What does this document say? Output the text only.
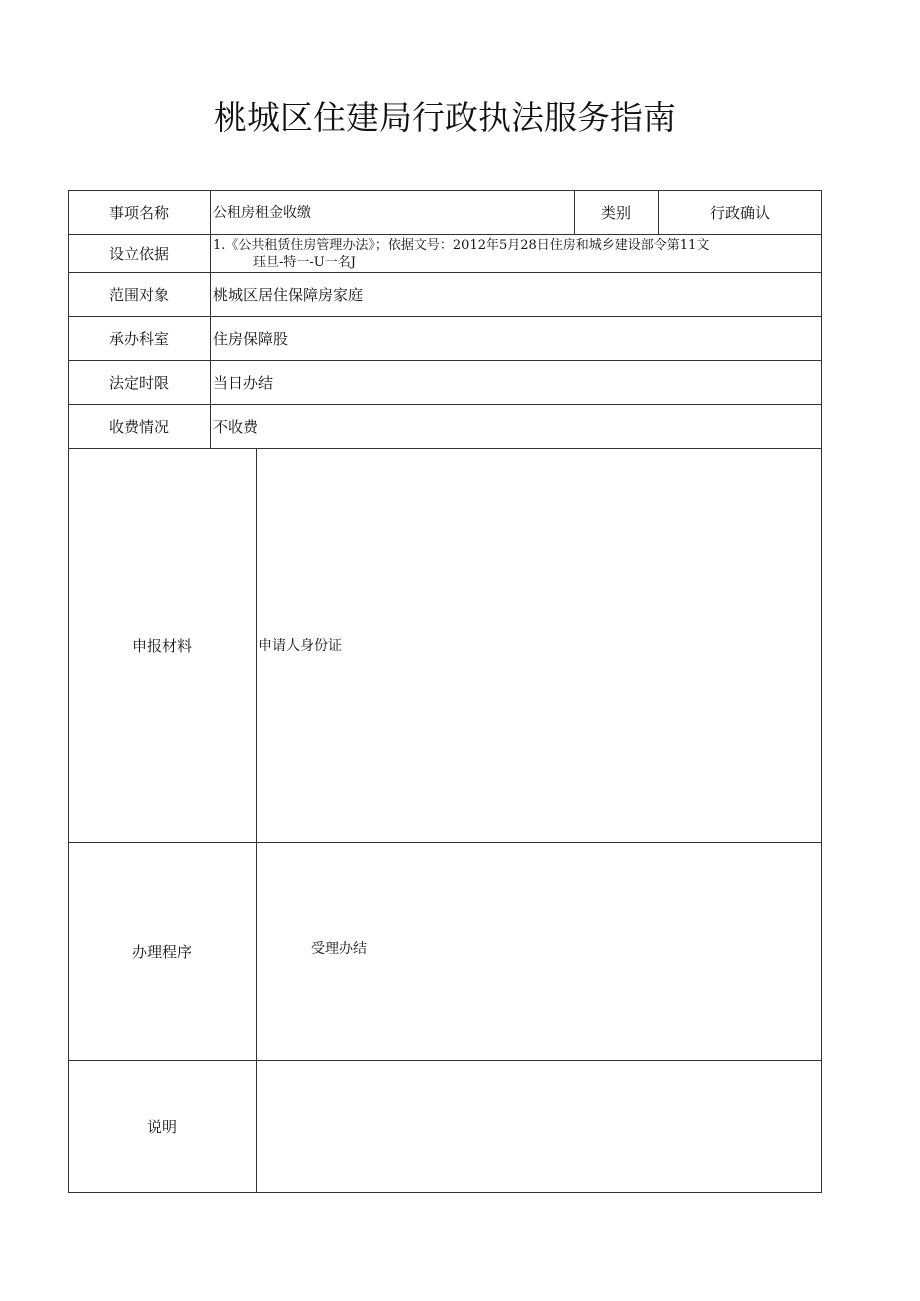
桃城区住建局行政执法服务指南
事项名称	公租房租金收缴	类别	行政确认
设立依据	1.《公共租赁住房管理办法》；依据文号：2012年5月28日住房和城乡建设部令第11文
珏旦-特一-U一名J
范围对象	桃城区居住保障房家庭
承办科室	住房保障股
法定时限	当日办结
收费情况	不收费
申报材料	申请人身份证
办理程序	受理办结
说明
